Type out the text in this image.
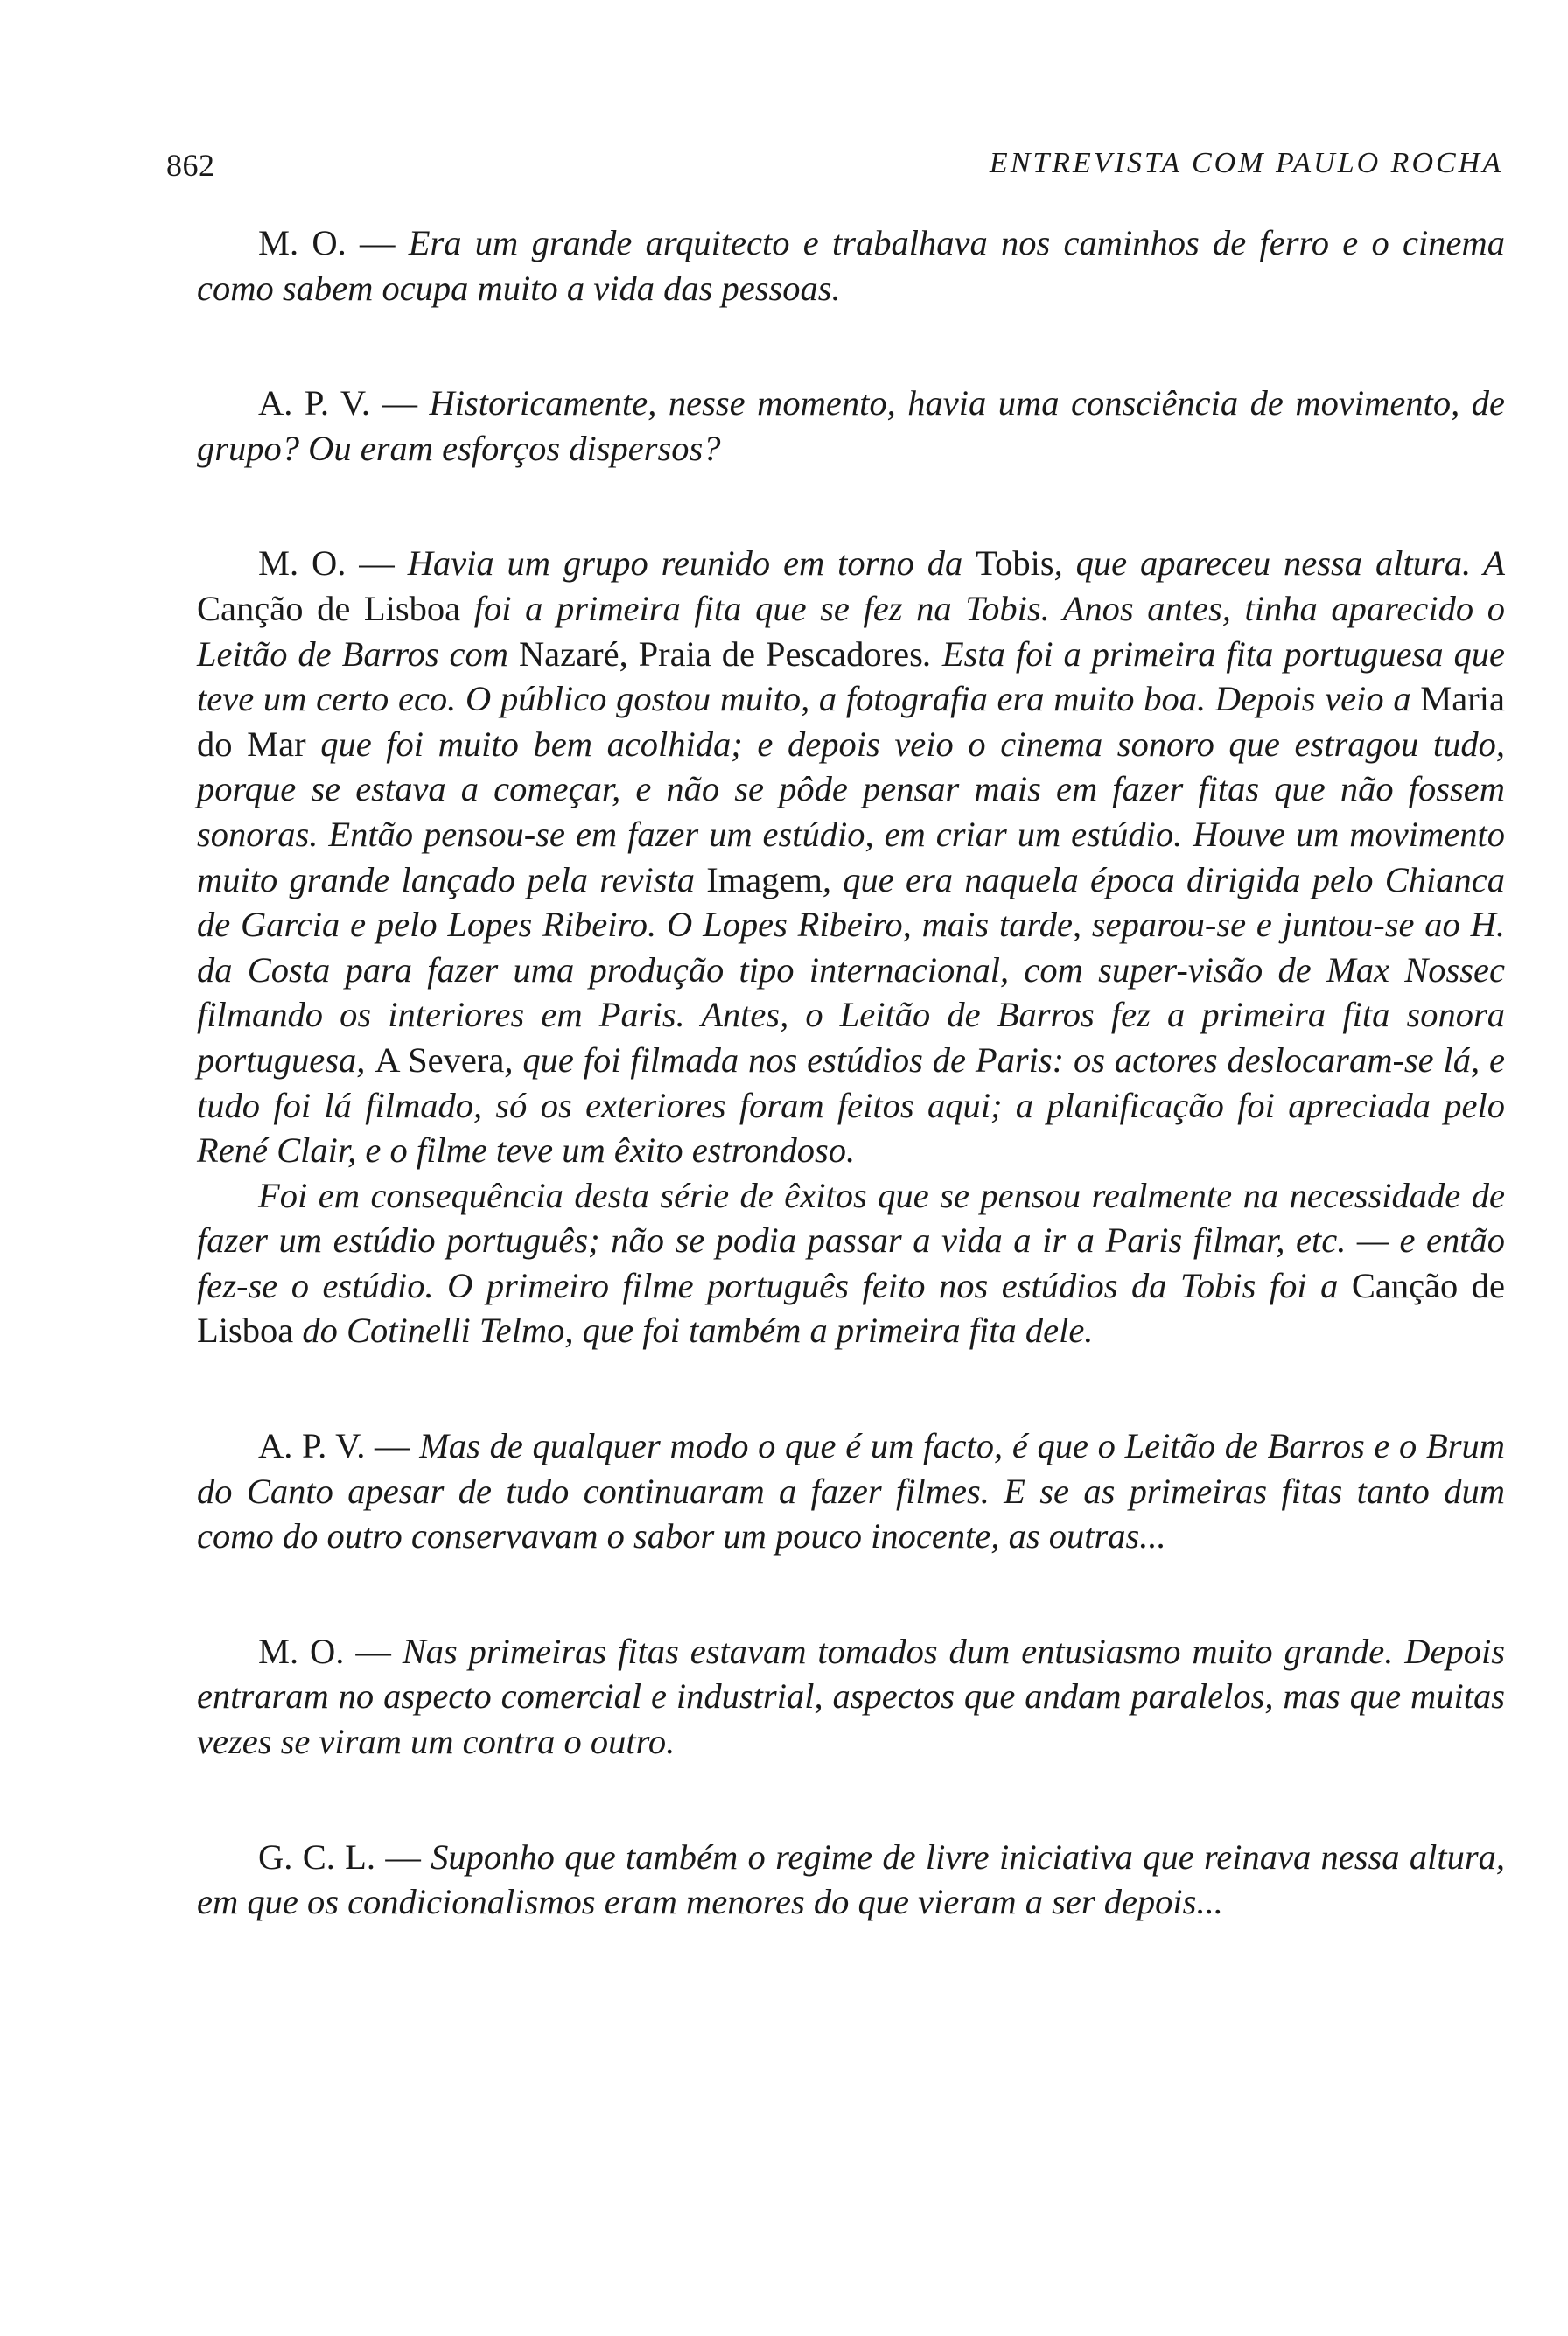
862	ENTREVISTA COM PAULO ROCHA

M. O. — Era um grande arquitecto e trabalhava nos caminhos de ferro e o cinema como sabem ocupa muito a vida das pessoas.

A. P. V. — Historicamente, nesse momento, havia uma consciência de movimento, de grupo? Ou eram esforços dispersos?

M. O. — Havia um grupo reunido em torno da Tobis, que apareceu nessa altura. A Canção de Lisboa foi a primeira fita que se fez na Tobis. Anos antes, tinha aparecido o Leitão de Barros com Nazaré, Praia de Pescadores. Esta foi a primeira fita portuguesa que teve um certo eco. O público gostou muito, a fotografia era muito boa. Depois veio a Maria do Mar que foi muito bem acolhida; e depois veio o cinema sonoro que estragou tudo, porque se estava a começar, e não se pôde pensar mais em fazer fitas que não fossem sonoras. Então pensou-se em fazer um estúdio, em criar um estúdio. Houve um movimento muito grande lançado pela revista Imagem, que era naquela época dirigida pelo Chianca de Garcia e pelo Lopes Ribeiro. O Lopes Ribeiro, mais tarde, separou-se e juntou-se ao H. da Costa para fazer uma produção tipo internacional, com super-visão de Max Nossec filmando os interiores em Paris. Antes, o Leitão de Barros fez a primeira fita sonora portuguesa, A Severa, que foi filmada nos estúdios de Paris: os actores deslocaram-se lá, e tudo foi lá filmado, só os exteriores foram feitos aqui; a planificação foi apreciada pelo René Clair, e o filme teve um êxito estrondoso.

Foi em consequência desta série de êxitos que se pensou realmente na necessidade de fazer um estúdio português; não se podia passar a vida a ir a Paris filmar, etc. — e então fez-se o estúdio. O primeiro filme português feito nos estúdios da Tobis foi a Canção de Lisboa do Cotinelli Telmo, que foi também a primeira fita dele.

A. P. V. — Mas de qualquer modo o que é um facto, é que o Leitão de Barros e o Brum do Canto apesar de tudo continuaram a fazer filmes. E se as primeiras fitas tanto dum como do outro conservavam o sabor um pouco inocente, as outras...

M. O. — Nas primeiras fitas estavam tomados dum entusiasmo muito grande. Depois entraram no aspecto comercial e industrial, aspectos que andam paralelos, mas que muitas vezes se viram um contra o outro.

G. C. L. — Suponho que também o regime de livre iniciativa que reinava nessa altura, em que os condicionalismos eram menores do que vieram a ser depois...
